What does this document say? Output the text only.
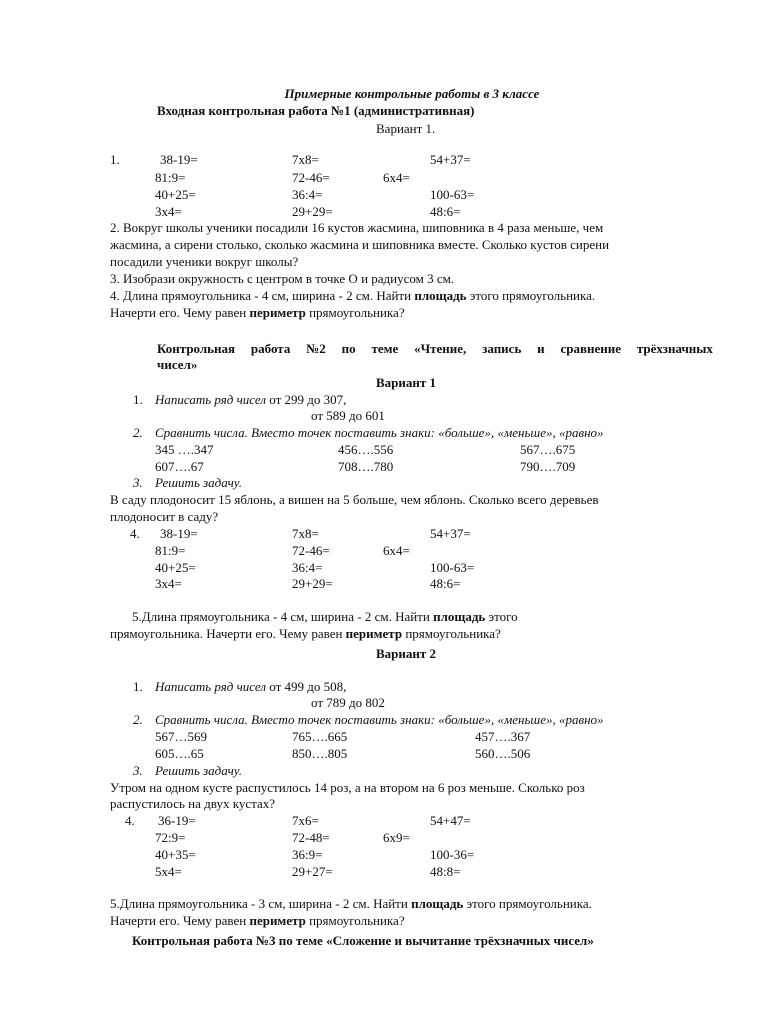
Примерные контрольные работы в 3 классе
Входная контрольная работа №1 (административная)
Вариант 1.
1.	38-19=	7х8=	54+37=
81:9=	72-46=	6х4=
40+25=	36:4=	100-63=
3х4=	29+29=	48:6=
2. Вокруг школы ученики посадили 16 кустов жасмина, шиповника в 4 раза меньше, чем
жасмина, а сирени столько, сколько жасмина и шиповника вместе. Сколько кустов сирени
посадили ученики вокруг школы?
3. Изобрази окружность с центром в точке О и радиусом 3 см.
4. Длина прямоугольника - 4 см, ширина - 2 см. Найти площадь этого прямоугольника.
Начерти его. Чему равен периметр прямоугольника?
Контрольная работа №2 по теме «Чтение, запись и сравнение трёхзначных
чисел»
Вариант 1
1. Написать ряд чисел от 299 до 307,
от 589 до 601
2. Сравнить числа. Вместо точек поставить знаки: «больше», «меньше», «равно»
345 ….347	456….556	567….675
607….67	708….780	790….709
3. Решить задачу.
В саду плодоносит 15 яблонь, а вишен на 5 больше, чем яблонь. Сколько всего деревьев
плодоносит в саду?
4. 38-19=	7х8=	54+37=
81:9=	72-46=	6х4=
40+25=	36:4=	100-63=
3х4=	29+29=	48:6=
5.Длина прямоугольника - 4 см, ширина - 2 см. Найти площадь этого
прямоугольника. Начерти его. Чему равен периметр прямоугольника?
Вариант 2
1. Написать ряд чисел от 499 до 508,
от 789 до 802
2. Сравнить числа. Вместо точек поставить знаки: «больше», «меньше», «равно»
567…569	765….665	457….367
605….65	850….805	560….506
3. Решить задачу.
Утром на одном кусте распустилось 14 роз, а на втором на 6 роз меньше. Сколько роз
распустилось на двух кустах?
4. 36-19=	7х6=	54+47=
72:9=	72-48=	6х9=
40+35=	36:9=	100-36=
5х4=	29+27=	48:8=
5.Длина прямоугольника - 3 см, ширина - 2 см. Найти площадь этого прямоугольника.
Начерти его. Чему равен периметр прямоугольника?
Контрольная работа №3 по теме «Сложение и вычитание трёхзначных чисел»
